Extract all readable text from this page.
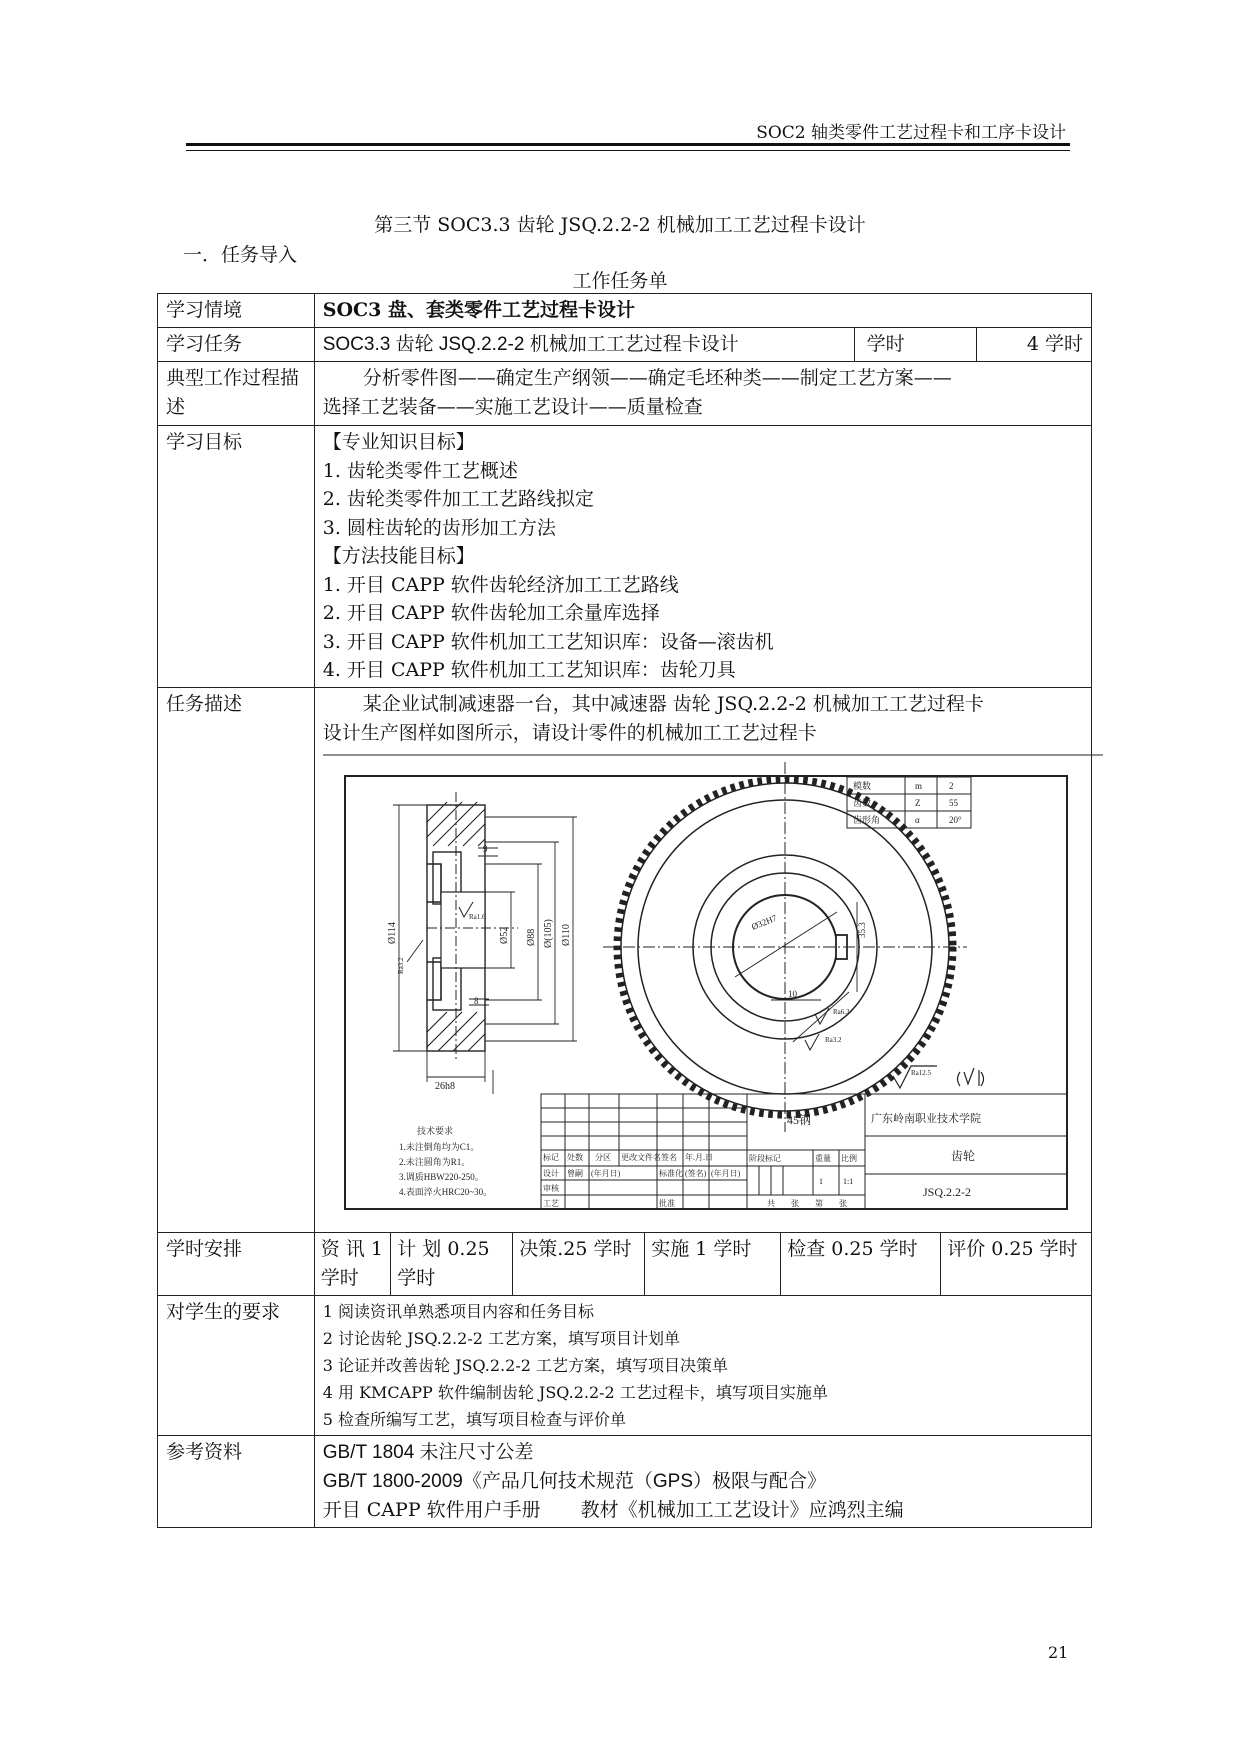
SOC2 轴类零件工艺过程卡和工序卡设计
第三节 SOC3.3 齿轮 JSQ.2.2-2 机械加工工艺过程卡设计
一．任务导入
工作任务单
学习情境	SOC3 盘、套类零件工艺过程卡设计
学习任务	SOC3.3 齿轮 JSQ.2.2-2 机械加工工艺过程卡设计	学时	4 学时
典型工作过程描述	
分析零件图——确定生产纲领——确定毛坯种类——制定工艺方案——
选择工艺装备——实施工艺设计——质量检查

学习目标	【专业知识目标】
1. 齿轮类零件工艺概述
2. 齿轮类零件加工工艺路线拟定
3. 圆柱齿轮的齿形加工方法
【方法技能目标】
1. 开目 CAPP 软件齿轮经济加工工艺路线
2. 开目 CAPP 软件齿轮加工余量库选择
3. 开目 CAPP 软件机加工工艺知识库：设备—滚齿机
4. 开目 CAPP 软件机加工工艺知识库：齿轮刀具

任务描述	某企业试制减速器一台，其中减速器 齿轮 JSQ.2.2-2 机械加工工艺过程卡
设计生产图样如图所示，请设计零件的机械加工工艺过程卡
模数	m	2
齿数	Z	55
齿形角	α	20°
Ø114	Ø52 Ø88 Ø(105) Ø110
26h8
9
8
Ra1.6
Ra3.2
Ø32H7	35.3
10
Ra6.3
Ra3.2
Ra12.5
技术要求
1.未注倒角均为C1。
2.未注圆角为R1。
3.调质HBW220-250。
4.表面淬火HRC20~30。
标记 处数 分区 更改文件名 签名 年.月.日
设计 曾嗣 (年月日)	标准化 (签名) (年月日)
审核
工艺	批准
阶段标记	重量 比例
1	1:1
共 张 第 张
45钢	广东岭南职业技术学院
齿轮
JSQ.2.2-2

学时安排		资 讯 1 学时	计 划 0.25 学时	决策.25 学时	实施 1 学时	检查 0.25 学时	评价 0.25 学时

对学生的要求	1 阅读资讯单熟悉项目内容和任务目标
2 讨论齿轮 JSQ.2.2-2 工艺方案，填写项目计划单
3 论证并改善齿轮 JSQ.2.2-2 工艺方案，填写项目决策单
4 用 KMCAPP 软件编制齿轮 JSQ.2.2-2 工艺过程卡，填写项目实施单
5 检查所编写工艺，填写项目检查与评价单

参考资料	GB/T 1804 未注尺寸公差
GB/T 1800-2009《产品几何技术规范（GPS）极限与配合》
开目 CAPP 软件用户手册 教材《机械加工工艺设计》应鸿烈主编
21
